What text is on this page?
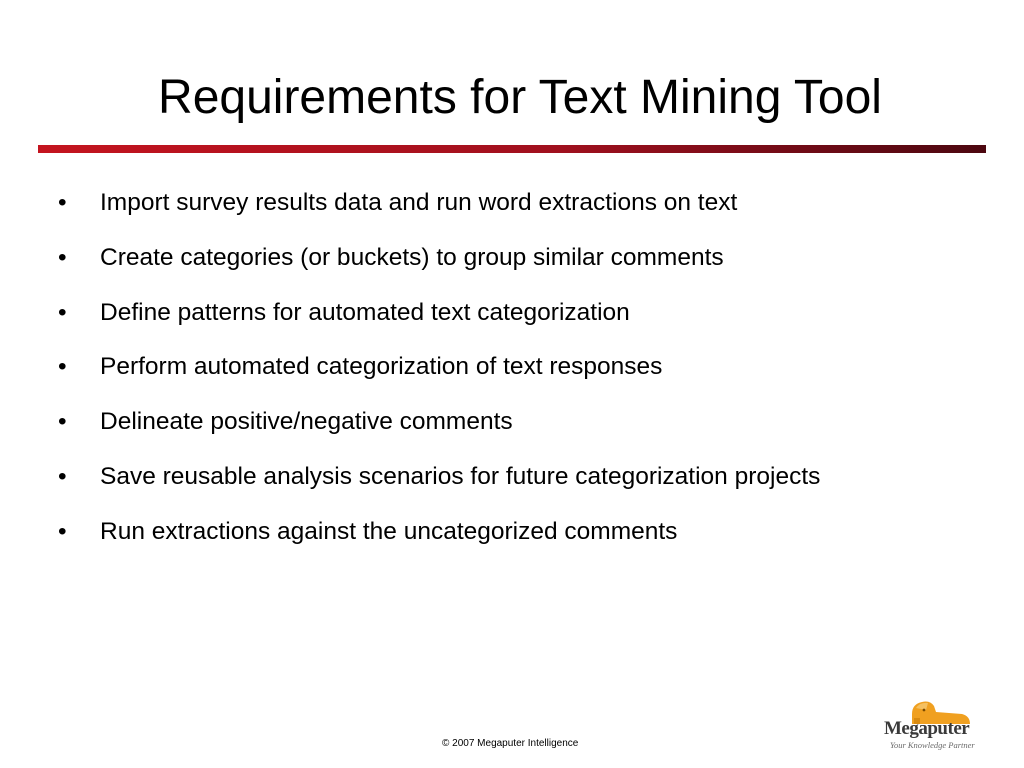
Requirements for Text Mining Tool
•	Import survey results data and run word extractions on text
•	Create categories (or buckets) to group similar comments
•	Define patterns for automated text categorization
•	Perform automated categorization of text responses
•	Delineate positive/negative comments
•	Save reusable analysis scenarios for future categorization projects
•	Run extractions against the uncategorized comments
© 2007 Megaputer Intelligence
Megaputer
Your Knowledge Partner
